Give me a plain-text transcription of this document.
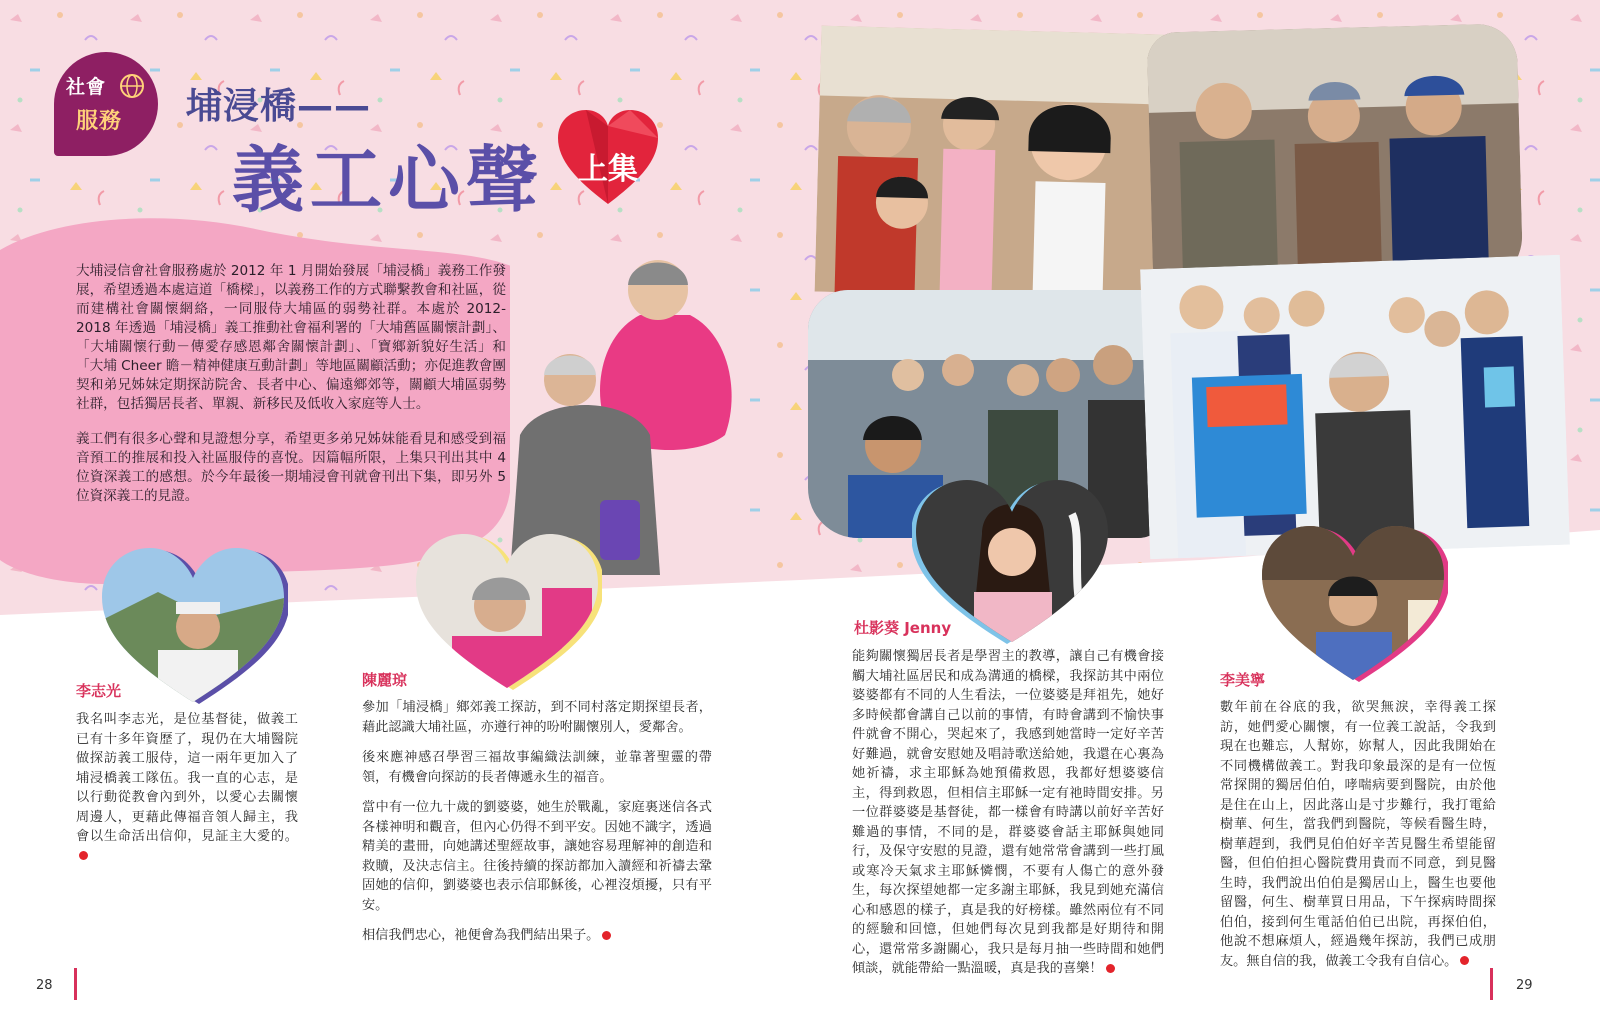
社會
服務 埔浸橋——
義工心聲 上集

大埔浸信會社會服務處於 2012 年 1 月開始發展「埔浸橋」義務工作發展，希望透過本處這道「橋樑」，以義務工作的方式聯繫教會和社區，從而建構社會關懷網絡，一同服侍大埔區的弱勢社群。本處於 2012-2018 年透過「埔浸橋」義工推動社會福利署的「大埔舊區關懷計劃」、「大埔關懷行動－傳愛存感恩鄰舍關懷計劃」、「寶鄉新貌好生活」和「大埔 Cheer 瞻－精神健康互動計劃」等地區關顧活動；亦促進教會團契和弟兄姊妹定期探訪院舍、長者中心、偏遠鄉郊等，關顧大埔區弱勢社群，包括獨居長者、單親、新移民及低收入家庭等人士。

義工們有很多心聲和見證想分享，希望更多弟兄姊妹能看見和感受到福音預工的推展和投入社區服侍的喜悅。因篇幅所限，上集只刊出其中 4 位資深義工的感想。於今年最後一期埔浸會刊就會刊出下集，即另外 5 位資深義工的見證。

李志光
陳麗琼
杜影葵 Jenny
李美寧

我名叫李志光，是位基督徒，做義工已有十多年資歷了，現仍在大埔醫院做探訪義工服侍，這一兩年更加入了埔浸橋義工隊伍。我一直的心志，是以行動從教會內到外，以愛心去關懷周邊人，更藉此傳福音領人歸主，我會以生命活出信仰，見証主大愛的。

參加「埔浸橋」鄉郊義工探訪，到不同村落定期探望長者，藉此認識大埔社區，亦遵行神的吩咐關懷別人，愛鄰舍。

後來應神感召學習三福故事編織法訓練，並靠著聖靈的帶領，有機會向探訪的長者傳遞永生的福音。

當中有一位九十歲的劉婆婆，她生於戰亂，家庭裏迷信各式各樣神明和觀音，但內心仍得不到平安。因她不識字，透過精美的畫冊，向她講述聖經故事，讓她容易理解神的創造和救贖，及決志信主。往後持續的探訪都加入讀經和祈禱去鞏固她的信仰，劉婆婆也表示信耶穌後，心裡沒煩擾，只有平安。

相信我們忠心，祂便會為我們結出果子。

能夠關懷獨居長者是學習主的教導，讓自己有機會接觸大埔社區居民和成為溝通的橋樑，我探訪其中兩位婆婆都有不同的人生看法，一位婆婆是拜祖先，她好多時候都會講自己以前的事情，有時會講到不愉快事件就會不開心，哭起來了，我感到她當時一定好辛苦好難過，就會安慰她及唱詩歌送給她，我還在心裏為她祈禱，求主耶穌為她預備救恩，我都好想婆婆信主，得到救恩，但相信主耶穌一定有祂時間安排。另一位群婆婆是基督徒，都一樣會有時講以前好辛苦好難過的事情，不同的是，群婆婆會話主耶穌與她同行，及保守安慰的見證，還有她常常會講到一些打風或寒冷天氣求主耶穌憐憫，不要有人傷亡的意外發生，每次探望她都一定多謝主耶穌，我見到她充滿信心和感恩的樣子，真是我的好榜樣。雖然兩位有不同的經驗和回憶，但她們每次見到我都是好期待和開心，還常常多謝關心，我只是每月抽一些時間和她們傾談，就能帶給一點溫暖，真是我的喜樂！

數年前在谷底的我，欲哭無淚，幸得義工探訪，她們愛心關懷，有一位義工說話，令我到現在也難忘，人幫妳，妳幫人，因此我開始在不同機構做義工。對我印象最深的是有一位恆常探開的獨居伯伯，哮喘病要到醫院，由於他是住在山上，因此落山是寸步難行，我打電給樹華、何生，當我們到醫院，等候看醫生時，樹華趕到，我們見伯伯好辛苦見醫生希望能留醫，但伯伯担心醫院費用貴而不同意，到見醫生時，我們說出伯伯是獨居山上，醫生也要他留醫，何生、樹華買日用品，下午探病時間探伯伯，接到何生電話伯伯已出院，再探伯伯，他說不想麻煩人，經過幾年探訪，我們已成朋友。無自信的我，做義工令我有自信心。

28	29
